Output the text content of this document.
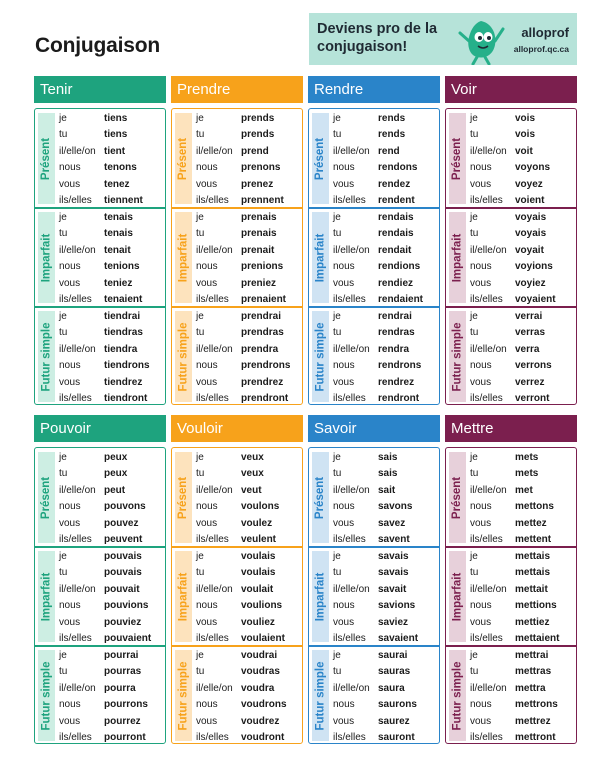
Conjugaison
Deviens pro de la conjugaison!
alloprof
alloprof.qc.ca
Tenir
Présent
je	tiens
tu	tiens
il/elle/on tient
nous	tenons
vous	tenez
ils/elles	tiennent
Imparfait
je	tenais
tu	tenais
il/elle/on tenait
nous	tenions
vous	teniez
ils/elles	tenaient
Futur simple
je	tiendrai
tu	tiendras
il/elle/on tiendra
nous	tiendrons
vous	tiendrez
ils/elles	tiendront
Prendre
Présent
je	prends
tu	prends
il/elle/on prend
nous	prenons
vous	prenez
ils/elles	prennent
Imparfait
je	prenais
tu	prenais
il/elle/on prenait
nous	prenions
vous	preniez
ils/elles	prenaient
Futur simple
je	prendrai
tu	prendras
il/elle/on prendra
nous	prendrons
vous	prendrez
ils/elles	prendront
Rendre
Présent
je	rends
tu	rends
il/elle/on rend
nous	rendons
vous	rendez
ils/elles	rendent
Imparfait
je	rendais
tu	rendais
il/elle/on rendait
nous	rendions
vous	rendiez
ils/elles	rendaient
Futur simple
je	rendrai
tu	rendras
il/elle/on rendra
nous	rendrons
vous	rendrez
ils/elles	rendront
Voir
Présent
je	vois
tu	vois
il/elle/on voit
nous	voyons
vous	voyez
ils/elles	voient
Imparfait
je	voyais
tu	voyais
il/elle/on voyait
nous	voyions
vous	voyiez
ils/elles	voyaient
Futur simple
je	verrai
tu	verras
il/elle/on verra
nous	verrons
vous	verrez
ils/elles	verront
Pouvoir
Présent
je	peux
tu	peux
il/elle/on peut
nous	pouvons
vous	pouvez
ils/elles	peuvent
Imparfait
je	pouvais
tu	pouvais
il/elle/on pouvait
nous	pouvions
vous	pouviez
ils/elles	pouvaient
Futur simple
je	pourrai
tu	pourras
il/elle/on pourra
nous	pourrons
vous	pourrez
ils/elles	pourront
Vouloir
Présent
je	veux
tu	veux
il/elle/on veut
nous	voulons
vous	voulez
ils/elles	veulent
Imparfait
je	voulais
tu	voulais
il/elle/on voulait
nous	voulions
vous	vouliez
ils/elles	voulaient
Futur simple
je	voudrai
tu	voudras
il/elle/on voudra
nous	voudrons
vous	voudrez
ils/elles	voudront
Savoir
Présent
je	sais
tu	sais
il/elle/on sait
nous	savons
vous	savez
ils/elles	savent
Imparfait
je	savais
tu	savais
il/elle/on savait
nous	savions
vous	saviez
ils/elles	savaient
Futur simple
je	saurai
tu	sauras
il/elle/on saura
nous	saurons
vous	saurez
ils/elles	sauront
Mettre
Présent
je	mets
tu	mets
il/elle/on met
nous	mettons
vous	mettez
ils/elles	mettent
Imparfait
je	mettais
tu	mettais
il/elle/on mettait
nous	mettions
vous	mettiez
ils/elles	mettaient
Futur simple
je	mettrai
tu	mettras
il/elle/on mettra
nous	mettrons
vous	mettrez
ils/elles	mettront
